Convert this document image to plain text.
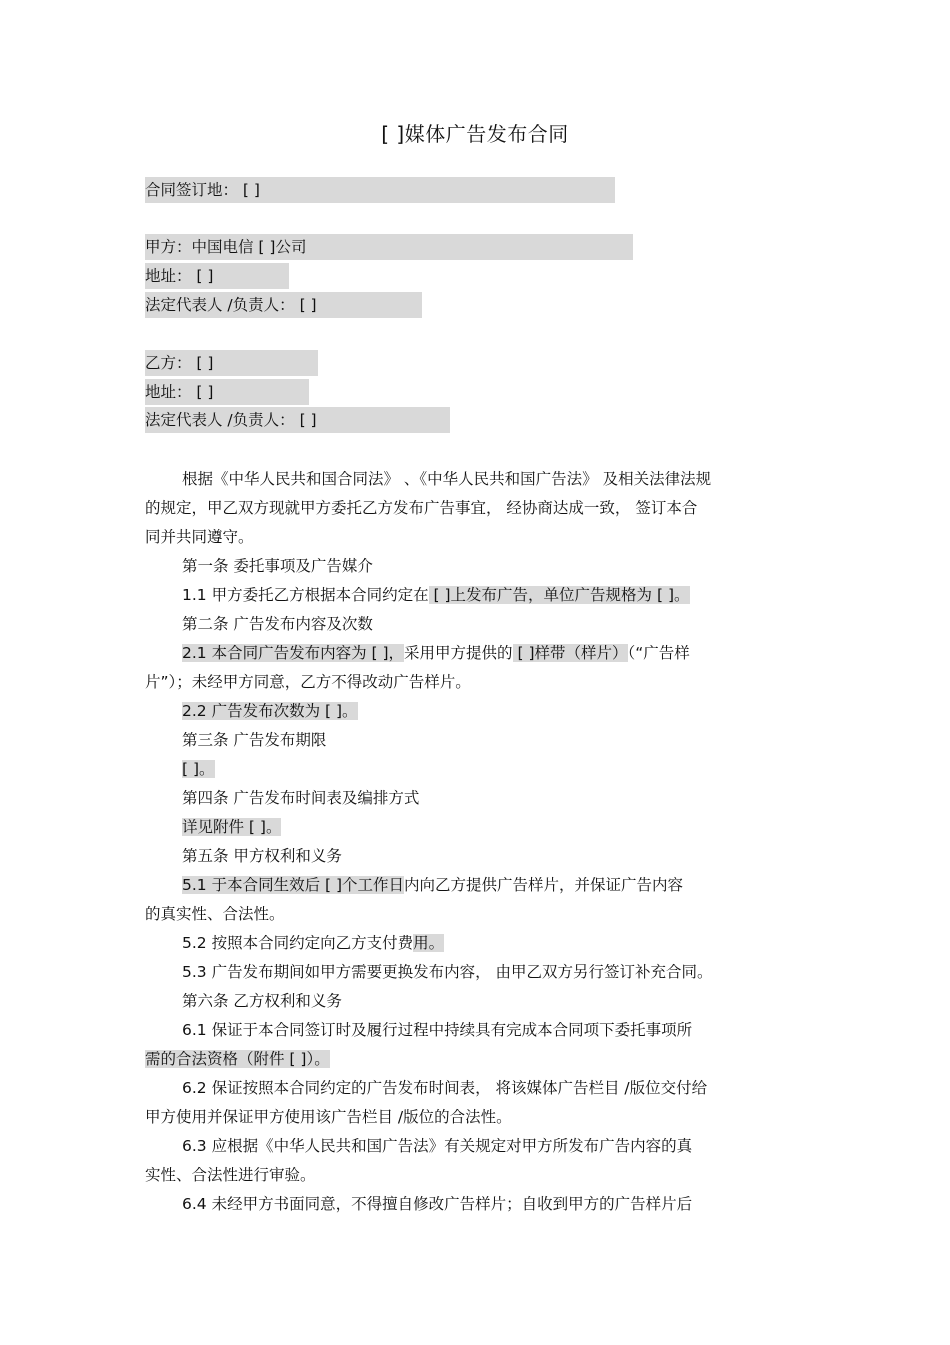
[ ]媒体广告发布合同
合同签订地： [ ]
甲方：中国电信 [ ]公司
地址： [ ]
法定代表人 /负责人： [ ]
乙方： [ ]
地址： [ ]
法定代表人 /负责人： [ ]
根据《中华人民共和国合同法》 、《中华人民共和国广告法》 及相关法律法规
的规定，甲乙双方现就甲方委托乙方发布广告事宜， 经协商达成一致， 签订本合
同并共同遵守。
第一条 委托事项及广告媒介
1.1 甲方委托乙方根据本合同约定在 [ ]上发布广告，单位广告规格为 [ ]。
第二条 广告发布内容及次数
2.1 本合同广告发布内容为 [ ]，采用甲方提供的 [ ]样带（样片）（“广告样
片”）；未经甲方同意，乙方不得改动广告样片。
2.2 广告发布次数为 [ ]。
第三条 广告发布期限
[ ]。
第四条 广告发布时间表及编排方式
详见附件 [ ]。
第五条 甲方权利和义务
5.1 于本合同生效后 [ ]个工作日内向乙方提供广告样片，并保证广告内容
的真实性、合法性。
5.2 按照本合同约定向乙方支付费用。
5.3 广告发布期间如甲方需要更换发布内容， 由甲乙双方另行签订补充合同。
第六条 乙方权利和义务
6.1 保证于本合同签订时及履行过程中持续具有完成本合同项下委托事项所
需的合法资格（附件 [ ]）。
6.2 保证按照本合同约定的广告发布时间表， 将该媒体广告栏目 /版位交付给
甲方使用并保证甲方使用该广告栏目 /版位的合法性。
6.3 应根据《中华人民共和国广告法》有关规定对甲方所发布广告内容的真
实性、合法性进行审验。
6.4 未经甲方书面同意，不得擅自修改广告样片；自收到甲方的广告样片后
